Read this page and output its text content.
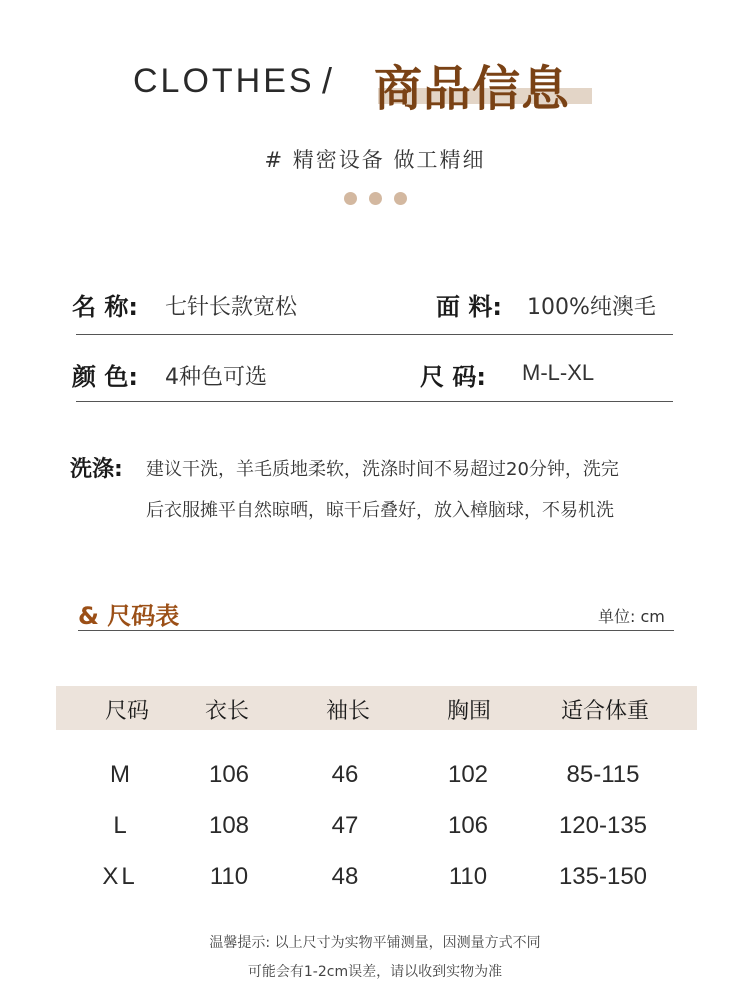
CLOTHES / 商品信息
# 精密设备 做工精细

名 称: 七针长款宽松	面 料: 100%纯澳毛
颜 色: 4种色可选	尺 码: M-L-XL
洗涤: 建议干洗，羊毛质地柔软，洗涤时间不易超过20分钟，洗完
后衣服摊平自然晾晒，晾干后叠好，放入樟脑球，不易机洗
& 尺码表	单位: cm
尺码	衣长	袖长	胸围	适合体重
M	106	46	102	85-115
L	108	47	106	120-135
XL	110	48	110	135-150
温馨提示: 以上尺寸为实物平铺测量，因测量方式不同
可能会有1-2cm误差，请以收到实物为准
